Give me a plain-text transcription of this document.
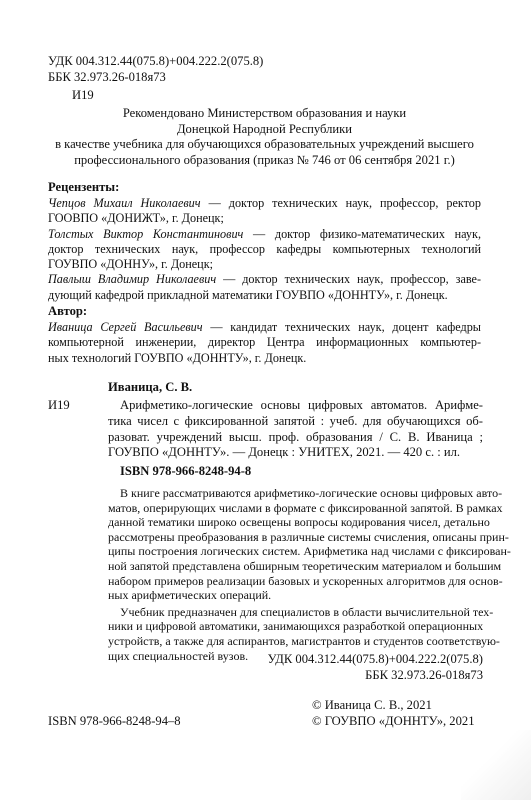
УДК 004.312.44(075.8)+004.222.2(075.8)
ББК 32.973.26-018я73
И19
Рекомендовано Министерством образования и науки
Донецкой Народной Республики
в качестве учебника для обучающихся образовательных учреждений высшего
профессионального образования (приказ № 746 от 06 сентября 2021 г.)
Рецензенты:
Чепцов Михаил Николаевич — доктор технических наук, профессор, ректор
ГООВПО «ДОНИЖТ», г. Донецк;
Толстых Виктор Константинович — доктор физико-математических наук,
доктор технических наук, профессор кафедры компьютерных технологий
ГОУВПО «ДОННУ», г. Донецк;
Павлыш Владимир Николаевич — доктор технических наук, профессор, заве-
дующий кафедрой прикладной математики ГОУВПО «ДОННТУ», г. Донецк.
Автор:
Иваница Сергей Васильевич — кандидат технических наук, доцент кафедры
компьютерной инженерии, директор Центра информационных компьютер-
ных технологий ГОУВПО «ДОННТУ», г. Донецк.
Иваница, С. В.
И19	Арифметико-логические основы цифровых автоматов. Арифме-
тика чисел с фиксированной запятой : учеб. для обучающихся об-
разоват. учреждений высш. проф. образования / С. В. Иваница ;
ГОУВПО «ДОННТУ». — Донецк : УНИТЕХ, 2021. — 420 с. : ил.
ISBN 978-966-8248-94-8
В книге рассматриваются арифметико-логические основы цифровых авто-
матов, оперирующих числами в формате с фиксированной запятой. В рамках
данной тематики широко освещены вопросы кодирования чисел, детально
рассмотрены преобразования в различные системы счисления, описаны прин-
ципы построения логических систем. Арифметика над числами с фиксирован-
ной запятой представлена обширным теоретическим материалом и большим
набором примеров реализации базовых и ускоренных алгоритмов для основ-
ных арифметических операций.
Учебник предназначен для специалистов в области вычислительной тех-
ники и цифровой автоматики, занимающихся разработкой операционных
устройств, а также для аспирантов, магистрантов и студентов соответствую-
щих специальностей вузов.	УДК 004.312.44(075.8)+004.222.2(075.8)
ББК 32.973.26-018я73
ISBN 978-966-8248-94–8
© Иваница С. В., 2021
© ГОУВПО «ДОННТУ», 2021
